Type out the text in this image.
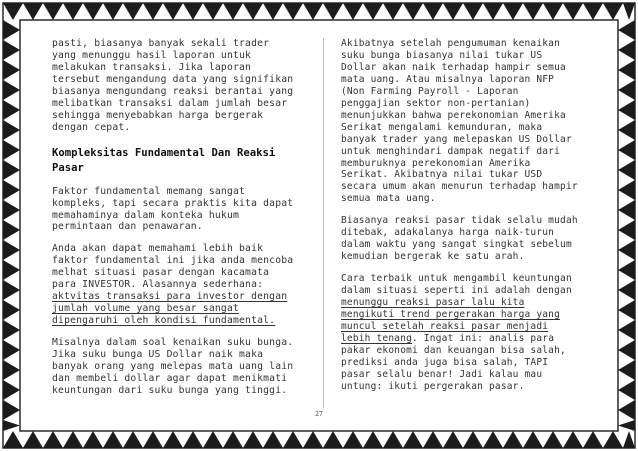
pasti, biasanya banyak sekali trader
yang menunggu hasil laporan untuk
melakukan transaksi. Jika laporan
tersebut mengandung data yang signifikan
biasanya mengundang reaksi berantai yang
melibatkan transaksi dalam jumlah besar
sehingga menyebabkan harga bergerak
dengan cepat.

Kompleksitas Fundamental Dan Reaksi
Pasar

Faktor fundamental memang sangat
kompleks, tapi secara praktis kita dapat
memahaminya dalam konteka hukum
permintaan dan penawaran.

Anda akan dapat memahami lebih baik
faktor fundamental ini jika anda mencoba
melhat situasi pasar dengan kacamata
para INVESTOR. Alasannya sederhana:
aktvitas transaksi para investor dengan
jumlah volume yang besar sangat
dipengaruhi oleh kondisi fundamental.

Misalnya dalam soal kenaikan suku bunga.
Jika suku bunga US Dollar naik maka
banyak orang yang melepas mata uang lain
dan membeli dollar agar dapat menikmati
keuntungan dari suku bunga yang tinggi.

Akibatnya setelah pengumuman kenaikan
suku bunga biasanya nilai tukar US
Dollar akan naik terhadap hampir semua
mata uang. Atau misalnya laporan NFP
(Non Farming Payroll - Laporan
penggajian sektor non-pertanian)
menunjukkan bahwa perekonomian Amerika
Serikat mengalami kemunduran, maka
banyak trader yang melepaskan US Dollar
untuk menghindari dampak negatif dari
memburuknya perekonomian Amerika
Serikat. Akibatnya nilai tukar USD
secara umum akan menurun terhadap hampir
semua mata uang.

Biasanya reaksi pasar tidak selalu mudah
ditebak, adakalanya harga naik-turun
dalam waktu yang sangat singkat sebelum
kemudian bergerak ke satu arah.

Cara terbaik untuk mengambil keuntungan
dalam situasi seperti ini adalah dengan
menunggu reaksi pasar lalu kita
mengikuti trend pergerakan harga yang
muncul setelah reaksi pasar menjadi
lebih tenang. Ingat ini: analis para
pakar ekonomi dan keuangan bisa salah,
prediksi anda juga bisa salah, TAPI
pasar selalu benar! Jadi kalau mau
untung: ikuti pergerakan pasar.

27
